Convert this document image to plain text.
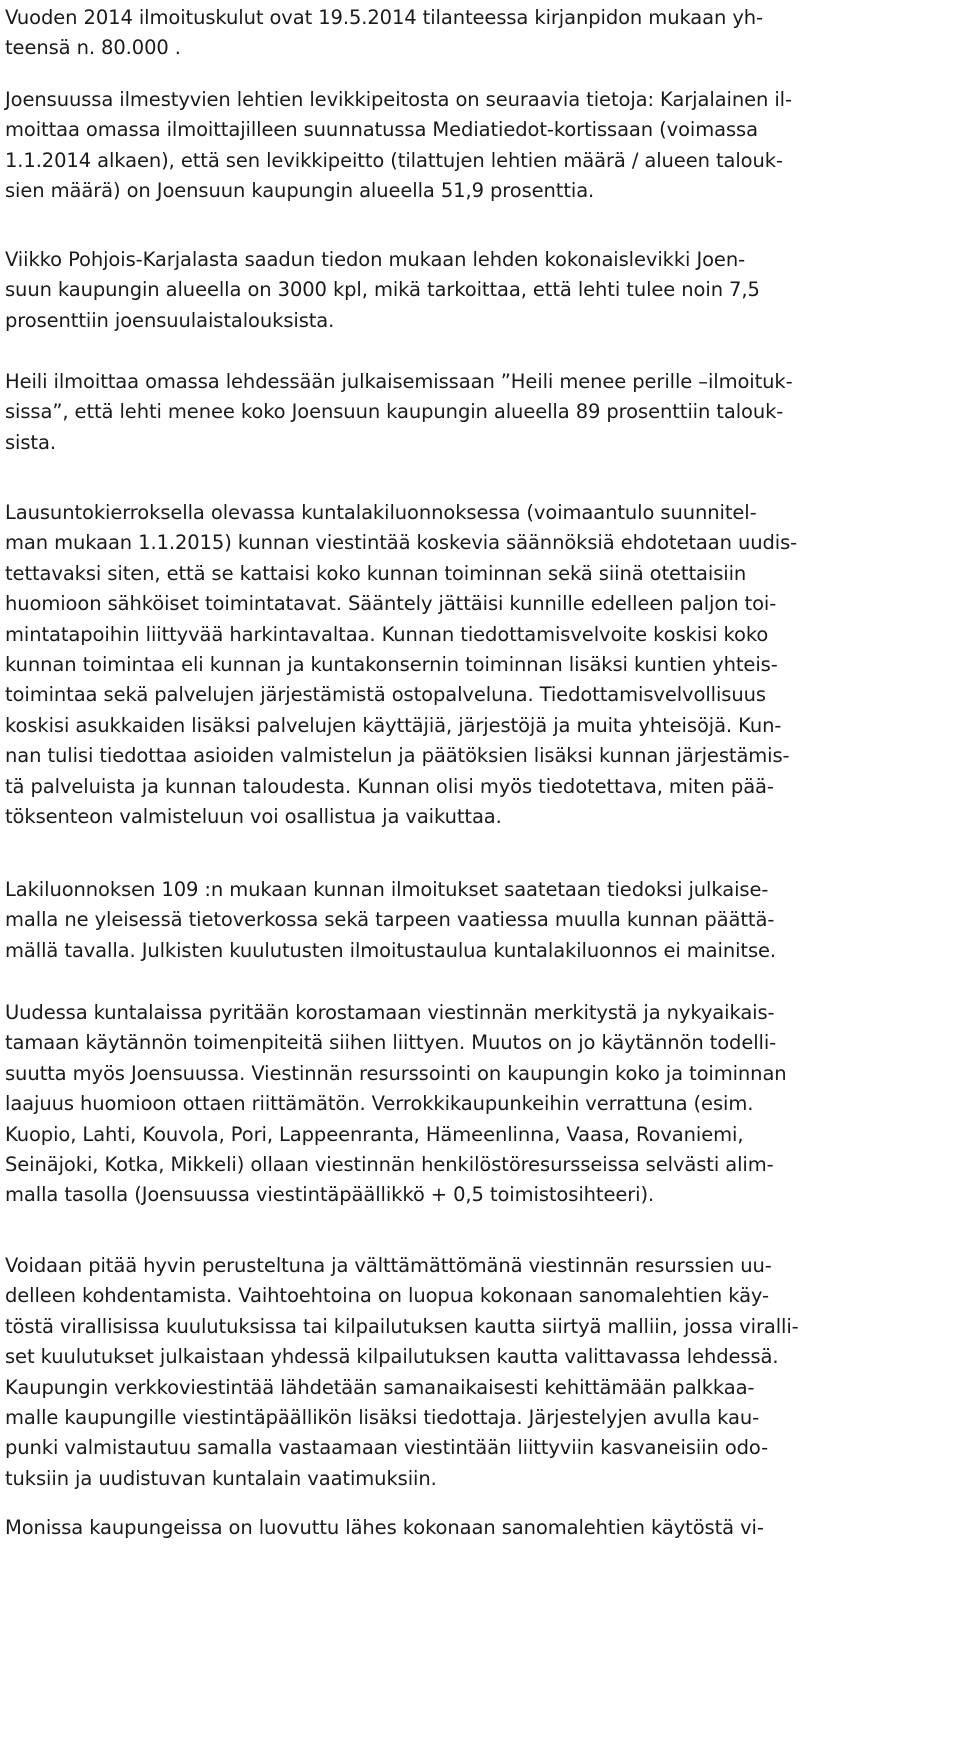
Vuoden 2014 ilmoituskulut ovat 19.5.2014 tilanteessa kirjanpidon mukaan yh-
teensä n. 80.000 .
Joensuussa ilmestyvien lehtien levikkipeitosta on seuraavia tietoja: Karjalainen il-
moittaa omassa ilmoittajilleen suunnatussa Mediatiedot-kortissaan (voimassa
1.1.2014 alkaen), että sen levikkipeitto (tilattujen lehtien määrä / alueen talouk-
sien määrä) on Joensuun kaupungin alueella 51,9 prosenttia.
Viikko Pohjois-Karjalasta saadun tiedon mukaan lehden kokonaislevikki Joen-
suun kaupungin alueella on 3000 kpl, mikä tarkoittaa, että lehti tulee noin 7,5
prosenttiin joensuulaistalouksista.
Heili ilmoittaa omassa lehdessään julkaisemissaan ”Heili menee perille –ilmoituk-
sissa”, että lehti menee koko Joensuun kaupungin alueella 89 prosenttiin talouk-
sista.
Lausuntokierroksella olevassa kuntalakiluonnoksessa (voimaantulo suunnitel-
man mukaan 1.1.2015) kunnan viestintää koskevia säännöksiä ehdotetaan uudis-
tettavaksi siten, että se kattaisi koko kunnan toiminnan sekä siinä otettaisiin
huomioon sähköiset toimintatavat. Sääntely jättäisi kunnille edelleen paljon toi-
mintatapoihin liittyvää harkintavaltaa. Kunnan tiedottamisvelvoite koskisi koko
kunnan toimintaa eli kunnan ja kuntakonsernin toiminnan lisäksi kuntien yhteis-
toimintaa sekä palvelujen järjestämistä ostopalveluna. Tiedottamisvelvollisuus
koskisi asukkaiden lisäksi palvelujen käyttäjiä, järjestöjä ja muita yhteisöjä. Kun-
nan tulisi tiedottaa asioiden valmistelun ja päätöksien lisäksi kunnan järjestämis-
tä palveluista ja kunnan taloudesta. Kunnan olisi myös tiedotettava, miten pää-
töksenteon valmisteluun voi osallistua ja vaikuttaa.
Lakiluonnoksen 109 :n mukaan kunnan ilmoitukset saatetaan tiedoksi julkaise-
malla ne yleisessä tietoverkossa sekä tarpeen vaatiessa muulla kunnan päättä-
mällä tavalla. Julkisten kuulutusten ilmoitustaulua kuntalakiluonnos ei mainitse.
Uudessa kuntalaissa pyritään korostamaan viestinnän merkitystä ja nykyaikais-
tamaan käytännön toimenpiteitä siihen liittyen. Muutos on jo käytännön todelli-
suutta myös Joensuussa. Viestinnän resurssointi on kaupungin koko ja toiminnan
laajuus huomioon ottaen riittämätön. Verrokkikaupunkeihin verrattuna (esim.
Kuopio, Lahti, Kouvola, Pori, Lappeenranta, Hämeenlinna, Vaasa, Rovaniemi,
Seinäjoki, Kotka, Mikkeli) ollaan viestinnän henkilöstöresursseissa selvästi alim-
malla tasolla (Joensuussa viestintäpäällikkö + 0,5 toimistosihteeri).
Voidaan pitää hyvin perusteltuna ja välttämättömänä viestinnän resurssien uu-
delleen kohdentamista. Vaihtoehtoina on luopua kokonaan sanomalehtien käy-
töstä virallisissa kuulutuksissa tai kilpailutuksen kautta siirtyä malliin, jossa viralli-
set kuulutukset julkaistaan yhdessä kilpailutuksen kautta valittavassa lehdessä.
Kaupungin verkkoviestintää lähdetään samanaikaisesti kehittämään palkkaa-
malle kaupungille viestintäpäällikön lisäksi tiedottaja. Järjestelyjen avulla kau-
punki valmistautuu samalla vastaamaan viestintään liittyviin kasvaneisiin odo-
tuksiin ja uudistuvan kuntalain vaatimuksiin.
Monissa kaupungeissa on luovuttu lähes kokonaan sanomalehtien käytöstä vi-
